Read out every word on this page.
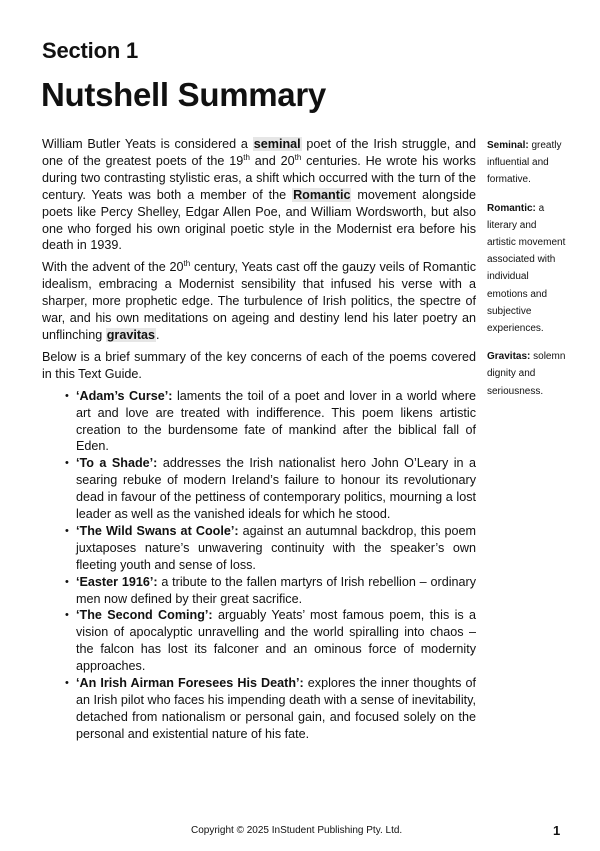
Section 1
Nutshell Summary

William Butler Yeats is considered a seminal poet of the Irish struggle, and one of the greatest poets of the 19th and 20th centuries. He wrote his works during two contrasting stylistic eras, a shift which occurred with the turn of the century. Yeats was both a member of the Romantic movement alongside poets like Percy Shelley, Edgar Allen Poe, and William Wordsworth, but also one who forged his own original poetic style in the Modernist era before his death in 1939.

With the advent of the 20th century, Yeats cast off the gauzy veils of Romantic idealism, embracing a Modernist sensibility that infused his verse with a sharper, more prophetic edge. The turbulence of Irish politics, the spectre of war, and his own meditations on ageing and destiny lend his later poetry an unflinching gravitas.

Below is a brief summary of the key concerns of each of the poems covered in this Text Guide.

• ‘Adam’s Curse’: laments the toil of a poet and lover in a world where art and love are treated with indifference. This poem likens artistic creation to the burdensome fate of mankind after the biblical fall of Eden.
• ‘To a Shade’: addresses the Irish nationalist hero John O’Leary in a searing rebuke of modern Ireland’s failure to honour its revolutionary dead in favour of the pettiness of contemporary politics, mourning a lost leader as well as the vanished ideals for which he stood.
• ‘The Wild Swans at Coole’: against an autumnal backdrop, this poem juxtaposes nature’s unwavering continuity with the speaker’s own fleeting youth and sense of loss.
• ‘Easter 1916’: a tribute to the fallen martyrs of Irish rebellion – ordinary men now defined by their great sacrifice.
• ‘The Second Coming’: arguably Yeats’ most famous poem, this is a vision of apocalyptic unravelling and the world spiralling into chaos – the falcon has lost its falconer and an ominous force of modernity approaches.
• ‘An Irish Airman Foresees His Death’: explores the inner thoughts of an Irish pilot who faces his impending death with a sense of inevitability, detached from nationalism or personal gain, and focused solely on the personal and existential nature of his fate.
Seminal: greatly influential and formative.
Romantic: a literary and artistic movement associated with individual emotions and subjective experiences.
Gravitas: solemn dignity and seriousness.
Copyright © 2025 InStudent Publishing Pty. Ltd.	1
